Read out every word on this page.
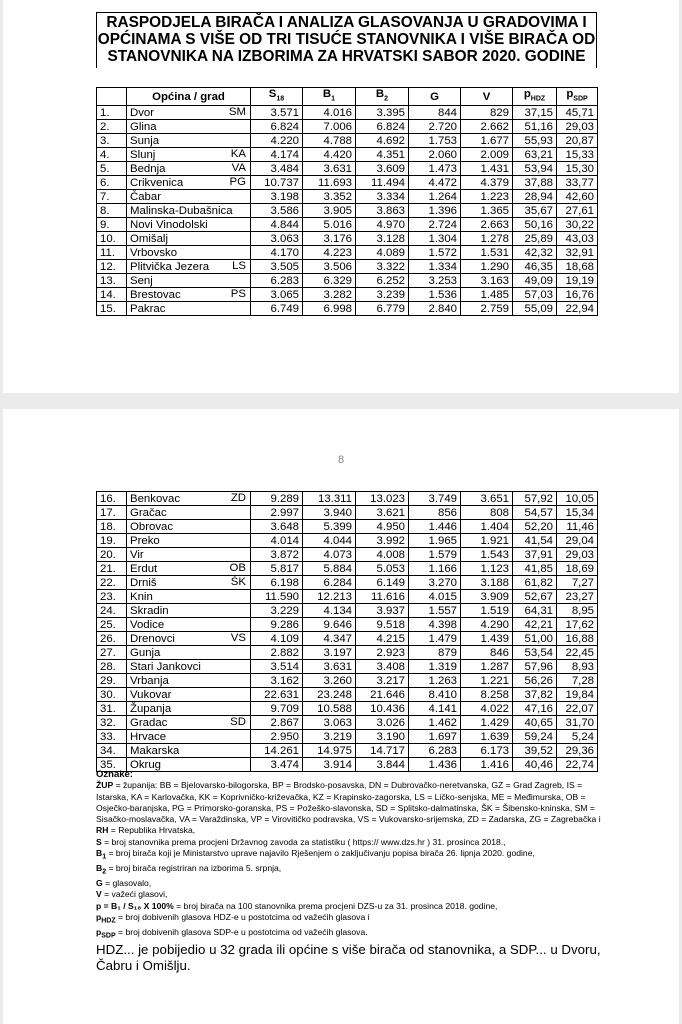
RASPODJELA BIRAČA I ANALIZA GLASOVANJA U GRADOVIMA I OPĆINAMA S VIŠE OD TRI TISUĆE STANOVNIKA I VIŠE BIRAČA OD STANOVNIKA NA IZBORIMA ZA HRVATSKI SABOR 2020. GODINE
	Općina / grad	$S_{18}$	$B_1$	$B_2$	G	V	$p_{HDZ}$	$p_{SDP}$
1.	Dvor SM	3.571	4.016	3.395	844	829	37,15	45,71
2.	Glina	6.824	7.006	6.824	2.720	2.662	51,16	29,03
3.	Sunja	4.220	4.788	4.692	1.753	1.677	55,93	20,87
4.	Slunj KA	4.174	4.420	4.351	2.060	2.009	63,21	15,33
5.	Bednja VA	3.484	3.631	3.609	1.473	1.431	53,94	15,30
6.	Crikvenica PG	10.737	11.693	11.494	4.472	4.379	37,88	33,77
7.	Čabar	3.198	3.352	3.334	1.264	1.223	28,94	42,60
8.	Malinska-Dubašnica	3.586	3.905	3.863	1.396	1.365	35,67	27,61
9.	Novi Vinodolski	4.844	5.016	4.970	2.724	2.663	50,16	30,22
10.	Omišalj	3.063	3.176	3.128	1.304	1.278	25,89	43,03
11.	Vrbovsko	4.170	4.223	4.089	1.572	1.531	42,32	32,91
12.	Plitvička Jezera LS	3.505	3.506	3.322	1.334	1.290	46,35	18,68
13.	Senj	6.283	6.329	6.252	3.253	3.163	49,09	19,19
14.	Brestovac PS	3.065	3.282	3.239	1.536	1.485	57,03	16,76
15.	Pakrac	6.749	6.998	6.779	2.840	2.759	55,09	22,94
8
16.	Benkovac ZD	9.289	13.311	13.023	3.749	3.651	57,92	10,05
17.	Gračac	2.997	3.940	3.621	856	808	54,57	15,34
18.	Obrovac	3.648	5.399	4.950	1.446	1.404	52,20	11,46
19.	Preko	4.014	4.044	3.992	1.965	1.921	41,54	29,04
20.	Vir	3.872	4.073	4.008	1.579	1.543	37,91	29,03
21.	Erdut OB	5.817	5.884	5.053	1.166	1.123	41,85	18,69
22.	Drniš ŠK	6.198	6.284	6.149	3.270	3.188	61,82	7,27
23.	Knin	11.590	12.213	11.616	4.015	3.909	52,67	23,27
24.	Skradin	3.229	4.134	3.937	1.557	1.519	64,31	8,95
25.	Vodice	9.286	9.646	9.518	4.398	4.290	42,21	17,62
26.	Drenovci VS	4.109	4.347	4.215	1.479	1.439	51,00	16,88
27.	Gunja	2.882	3.197	2.923	879	846	53,54	22,45
28.	Stari Jankovci	3.514	3.631	3.408	1.319	1.287	57,96	8,93
29.	Vrbanja	3.162	3.260	3.217	1.263	1.221	56,26	7,28
30.	Vukovar	22.631	23.248	21.646	8.410	8.258	37,82	19,84
31.	Županja	9.709	10.588	10.436	4.141	4.022	47,16	22,07
32.	Gradac SD	2.867	3.063	3.026	1.462	1.429	40,65	31,70
33.	Hrvace	2.950	3.219	3.190	1.697	1.639	59,24	5,24
34.	Makarska	14.261	14.975	14.717	6.283	6.173	39,52	29,36
35.	Okrug	3.474	3.914	3.844	1.436	1.416	40,46	22,74

Oznake:

ŽUP = županija: BB = Bjelovarsko-bilogorska, BP = Brodsko-posavska, DN = Dubrovačko-neretvanska, GZ = Grad Zagreb, IS = Istarska, KA = Karlovačka, KK = Koprivničko-križevačka, KZ = Krapinsko-zagorska, LS = Ličko-senjska, ME = Međimurska, OB = Osječko-baranjska, PG = Primorsko-goranska, PS = Požeško-slavonska, SD = Splitsko-dalmatinska, ŠK = Šibensko-kninska, SM = Sisačko-moslavačka, VA = Varaždinska, VP = Virovitičko podravska, VS = Vukovarsko-srijemska, ZD = Zadarska, ZG = Zagrebačka i

RH = Republika Hrvatska,

S = broj stanovnika prema procjeni Državnog zavoda za statistiku ( https:// www.dzs.hr ) 31. prosinca 2018.,

$B_1$ = broj birača koji je Ministarstvo uprave najavilo Rješenjem o zaključivanju popisa birača 26. lipnja 2020. godine,

$B_2$ = broj birača registriran na izborima 5. srpnja,

G = glasovalo,

V = važeći glasovi,

p = B₁ / S₁₈ X 100% = broj birača na 100 stanovnika prema procjeni DZS-u za 31. prosinca 2018. godine,

$p_{HDZ}$ = broj dobivenih glasova HDZ-e u postotcima od važećih glasova i

$p_{SDP}$ = broj dobivenih glasova SDP-e u postotcima od važećih glasova.

HDZ... je pobijedio u 32 grada ili općine s više birača od stanovnika, a SDP... u Dvoru, Čabru i Omišlju.
